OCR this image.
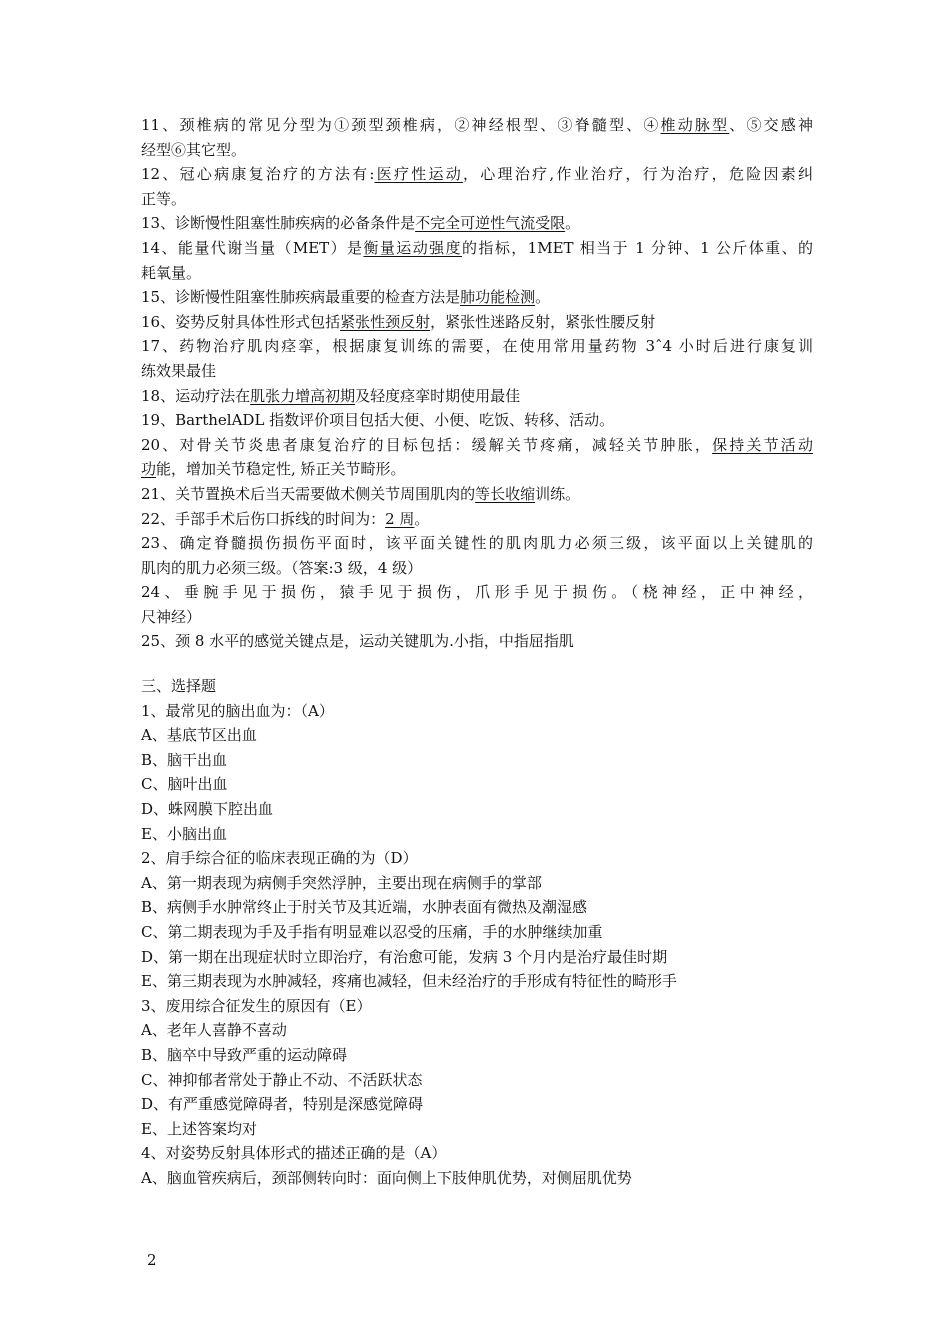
11、颈椎病的常见分型为①颈型颈椎病，②神经根型、③脊髓型、④椎动脉型、⑤交感神
经型⑥其它型。
12、冠心病康复治疗的方法有:医疗性运动，心理治疗,作业治疗，行为治疗，危险因素纠
正等。
13、诊断慢性阻塞性肺疾病的必备条件是不完全可逆性气流受限。
14、能量代谢当量（MET）是衡量运动强度的指标，1MET 相当于 1 分钟、1 公斤体重、的
耗氧量。
15、诊断慢性阻塞性肺疾病最重要的检查方法是肺功能检测。
16、姿势反射具体性形式包括紧张性颈反射，紧张性迷路反射，紧张性腰反射
17、药物治疗肌肉痉挛，根据康复训练的需要，在使用常用量药物 3ˆ4 小时后进行康复训
练效果最佳
18、运动疗法在肌张力增高初期及轻度痉挛时期使用最佳
19、BarthelADL 指数评价项目包括大便、小便、吃饭、转移、活动。
20、对骨关节炎患者康复治疗的目标包括：缓解关节疼痛，减轻关节肿胀，保持关节活动
功能，增加关节稳定性, 矫正关节畸形。
21、关节置换术后当天需要做术侧关节周围肌肉的等长收缩训练。
22、手部手术后伤口拆线的时间为：2 周。
23、确定脊髓损伤损伤平面时，该平面关键性的肌肉肌力必须三级，该平面以上关键肌的
肌肉的肌力必须三级。（答案:3 级，4 级）
24、垂腕手见于损伤，猿手见于损伤，爪形手见于损伤。（桡神经，正中神经，
尺神经）
25、颈 8 水平的感觉关键点是，运动关键肌为.小指，中指屈指肌
三、选择题
1、最常见的脑出血为：（A）
A、基底节区出血
B、脑干出血
C、脑叶出血
D、蛛网膜下腔出血
E、小脑出血
2、肩手综合征的临床表现正确的为（D）
A、第一期表现为病侧手突然浮肿，主要出现在病侧手的掌部
B、病侧手水肿常终止于肘关节及其近端，水肿表面有微热及潮湿感
C、第二期表现为手及手指有明显难以忍受的压痛，手的水肿继续加重
D、第一期在出现症状时立即治疗，有治愈可能，发病 3 个月内是治疗最佳时期
E、第三期表现为水肿减轻，疼痛也减轻，但未经治疗的手形成有特征性的畸形手
3、废用综合征发生的原因有（E）
A、老年人喜静不喜动
B、脑卒中导致严重的运动障碍
C、神抑郁者常处于静止不动、不活跃状态
D、有严重感觉障碍者，特别是深感觉障碍
E、上述答案均对
4、对姿势反射具体形式的描述正确的是（A）
A、脑血管疾病后，颈部侧转向时：面向侧上下肢伸肌优势，对侧屈肌优势
2
